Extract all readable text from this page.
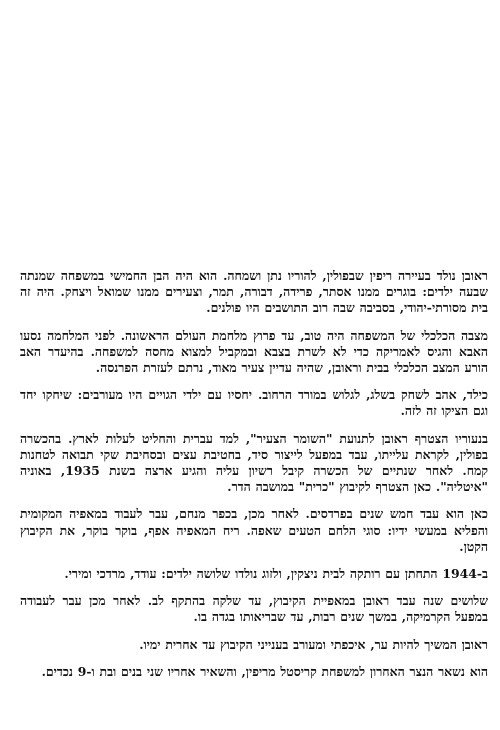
ראובן נולד בעיירה ריפין שבפולין, להוריו נתן ושמחה. הוא היה הבן החמישי במשפחה שמנתה שבעה ילדים: בוגרים ממנו אסתר, פרידה, דבורה, תמר, וצעירים ממנו שמואל ויצחק. היה זה בית מסורתי-יהודי, בסביבה שבה רוב התושבים היו פולנים.

מצבה הכלכלי של המשפחה היה טוב, עד פרוץ מלחמת העולם הראשונה. לפני המלחמה נסעו האבא והגיס לאמריקה כדי לא לשרת בצבא ובמקביל למצוא מחסה למשפחה. בהיעדר האב הורע המצב הכלכלי בבית וראובן, שהיה עדיין צעיר מאוד, נרתם לעזרת הפרנסה.

כילד, אהב לשחק בשלג, לגלוש במורד הרחוב. יחסיו עם ילדי הגויים היו מעורבים: שיחקו יחד וגם הציקו זה לזה.

בנעוריו הצטרף ראובן לתנועת "השומר הצעיר", למד עברית והחליט לעלות לארץ. בהכשרה בפולין, לקראת עלייתו, עבד במפעל לייצור סיד, בחטיבת עצים ובסחיבת שקי תבואה לטחנות קמח. לאחר שנתיים של הכשרה קיבל רשיון עליה והגיע ארצה בשנת 1935, באוניה "איטליה". כאן הצטרף לקיבוץ "כרית" במושבה הדר.

כאן הוא עבד חמש שנים בפרדסים. לאחר מכן, בכפר מנחם, עבר לעבוד במאפיה המקומית והפליא במעשי ידיו: סוגי הלחם הטעים שאפה. ריח המאפיה אפף, בוקר בוקר, את הקיבוץ הקטן.

ב-1944 התחתן עם רותקה לבית ניצקין, ולזוג נולדו שלושה ילדים: עודד, מרדכי ומירי.

שלושים שנה עבד ראובן במאפיית הקיבוץ, עד שלקה בהתקף לב. לאחר מכן עבר לעבודה במפעל הקרמיקה, במשך שנים רבות, עד שבריאותו בגדה בו.

ראובן המשיך להיות ער, איכפתי ומעורב בענייני הקיבוץ עד אחרית ימיו.

הוא נשאר הנצר האחרון למשפחת קריסטל מריפין, והשאיר אחריו שני בנים ובת ו-9 נכדים.
